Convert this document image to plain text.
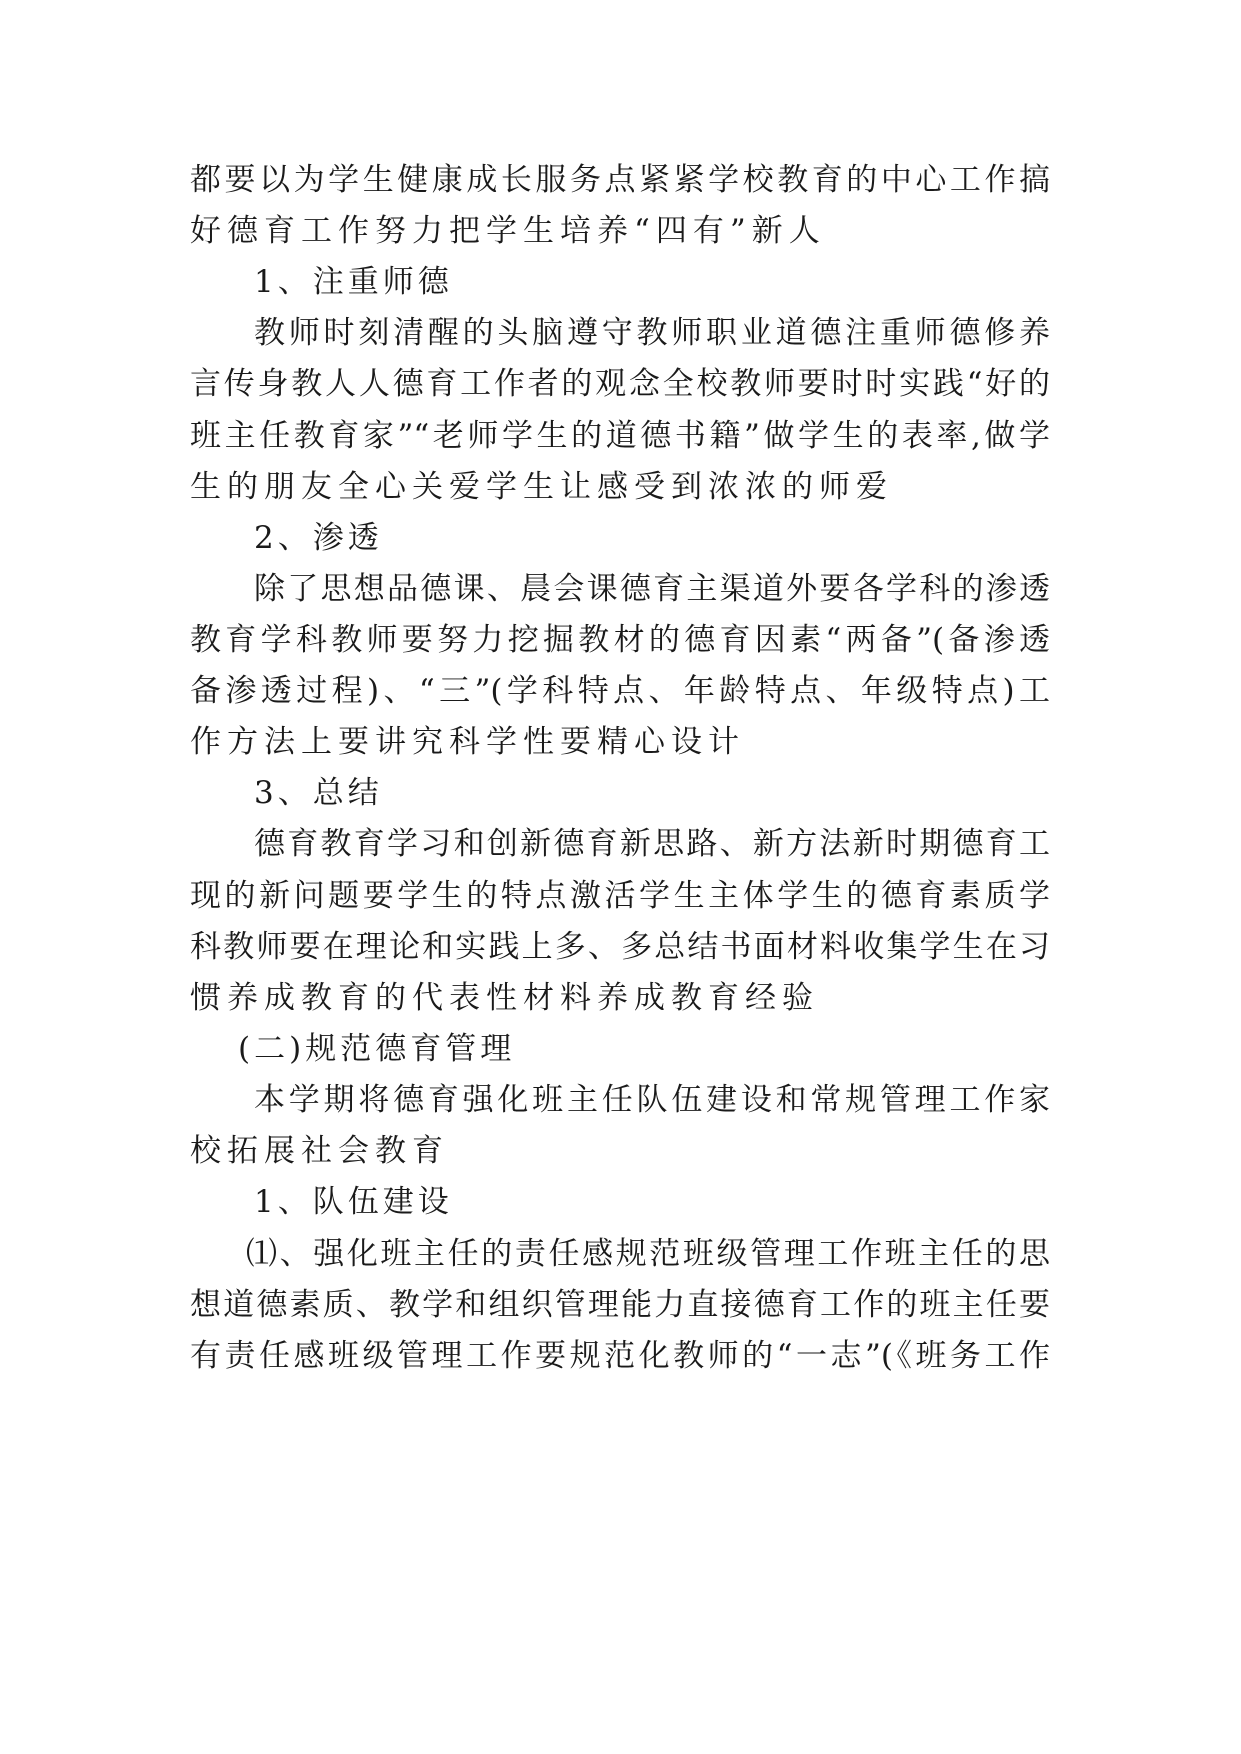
都要以为学生健康成长服务点紧紧学校教育的中心工作搞
好德育工作努力把学生培养“四有”新人
1、注重师德
教师时刻清醒的头脑遵守教师职业道德注重师德修养
言传身教人人德育工作者的观念全校教师要时时实践“好的
班主任教育家”“老师学生的道德书籍”做学生的表率,做学
生的朋友全心关爱学生让感受到浓浓的师爱
2、渗透
除了思想品德课、晨会课德育主渠道外要各学科的渗透
教育学科教师要努力挖掘教材的德育因素“两备”(备渗透
备渗透过程)、“三”(学科特点、年龄特点、年级特点)工
作方法上要讲究科学性要精心设计
3、总结
德育教育学习和创新德育新思路、新方法新时期德育工
现的新问题要学生的特点激活学生主体学生的德育素质学
科教师要在理论和实践上多、多总结书面材料收集学生在习
惯养成教育的代表性材料养成教育经验
(二)规范德育管理
本学期将德育强化班主任队伍建设和常规管理工作家
校拓展社会教育
1、队伍建设
⑴、强化班主任的责任感规范班级管理工作班主任的思
想道德素质、教学和组织管理能力直接德育工作的班主任要
有责任感班级管理工作要规范化教师的“一志”(《班务工作
